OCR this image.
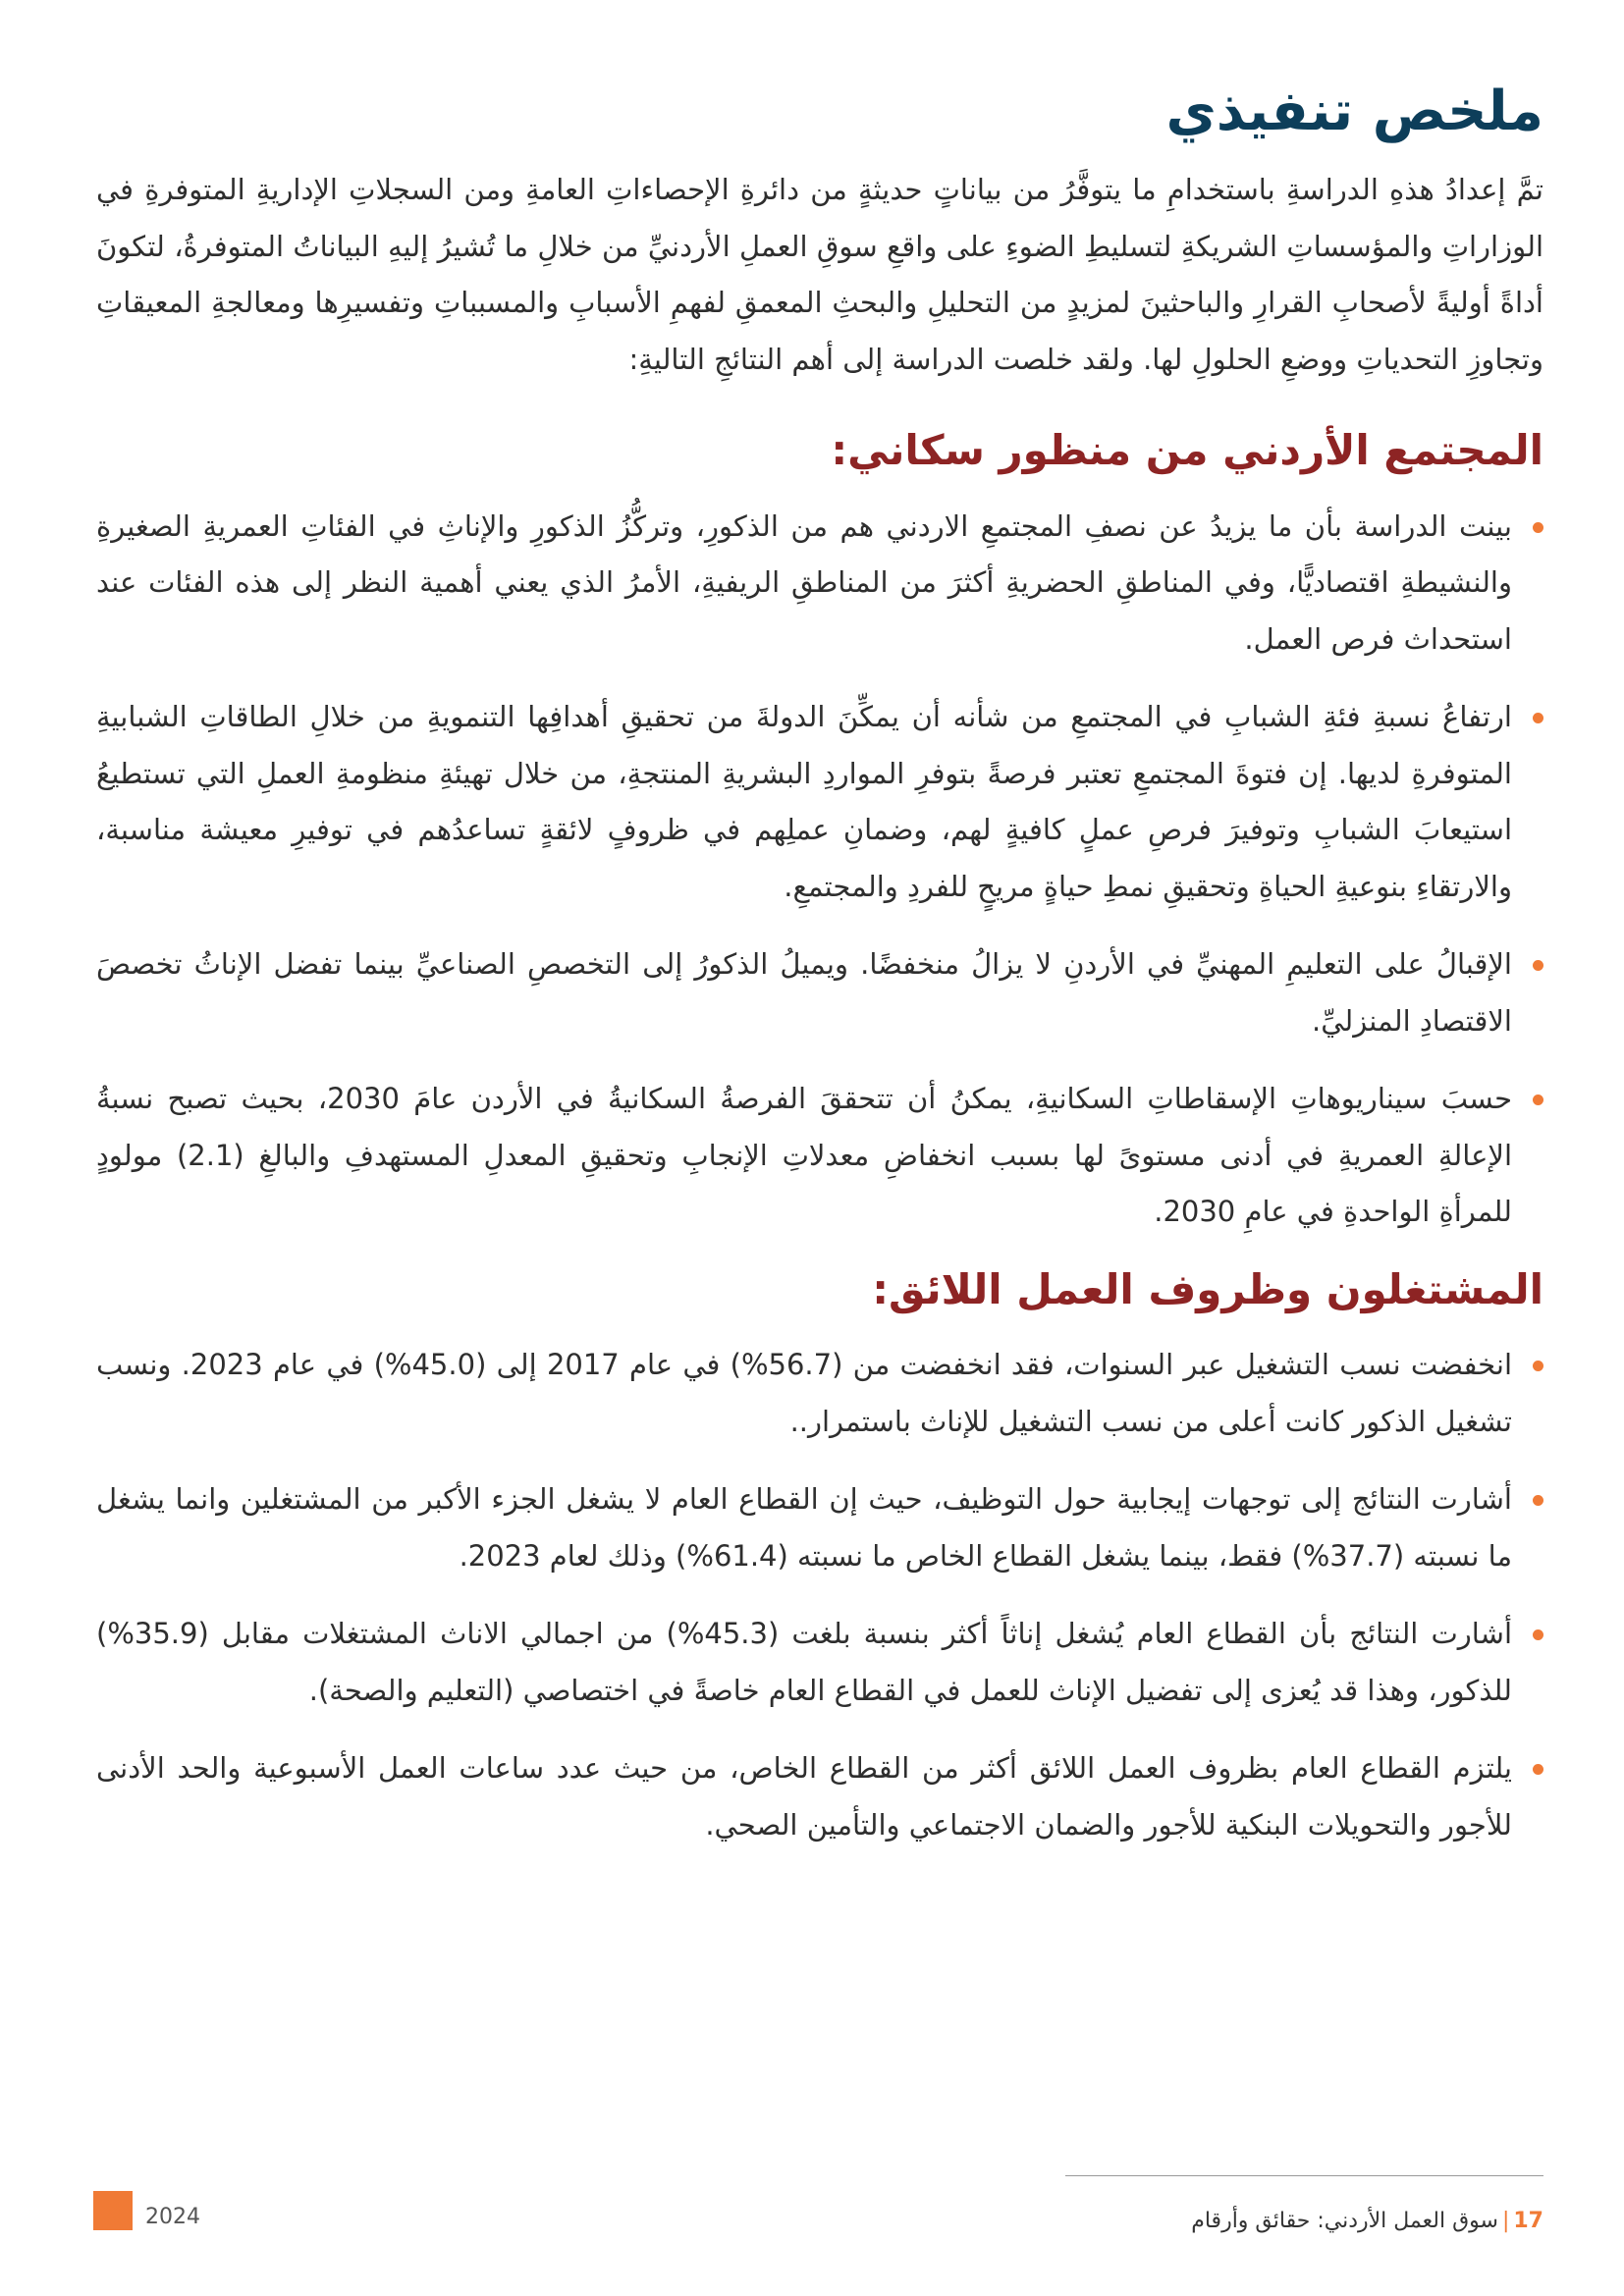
ملخص تنفيذي

تمَّ إعدادُ هذهِ الدراسةِ باستخدامِ ما يتوفَّرُ من بياناتٍ حديثةٍ من دائرةِ الإحصاءاتِ العامةِ ومن السجلاتِ الإداريةِ المتوفرةِ في الوزاراتِ والمؤسساتِ الشريكةِ لتسليطِ الضوءِ على واقعِ سوقِ العملِ الأردنيِّ من خلالِ ما تُشيرُ إليهِ البياناتُ المتوفرةُ، لتكونَ أداةً أوليةً لأصحابِ القرارِ والباحثينَ لمزيدٍ من التحليلِ والبحثِ المعمقِ لفهمِ الأسبابِ والمسبباتِ وتفسيرِها ومعالجةِ المعيقاتِ وتجاوزِ التحدياتِ ووضعِ الحلولِ لها. ولقد خلصت الدراسة إلى أهم النتائجِ التاليةِ:

المجتمع الأردني من منظور سكاني:
بينت الدراسة بأن ما يزيدُ عن نصفِ المجتمعِ الاردني هم من الذكورِ، وتركُّزُ الذكورِ والإناثِ في الفئاتِ العمريةِ الصغيرةِ والنشيطةِ اقتصاديًّا، وفي المناطقِ الحضريةِ أكثرَ من المناطقِ الريفيةِ، الأمرُ الذي يعني أهمية النظر إلى هذه الفئات عند استحداث فرص العمل.
ارتفاعُ نسبةِ فئةِ الشبابِ في المجتمعِ من شأنه أن يمكِّنَ الدولةَ من تحقيقِ أهدافِها التنمويةِ من خلالِ الطاقاتِ الشبابيةِ المتوفرةِ لديها. إن فتوةَ المجتمعِ تعتبر فرصةً بتوفرِ المواردِ البشريةِ المنتجةِ، من خلال تهيئةِ منظومةِ العملِ التي تستطيعُ استيعابَ الشبابِ وتوفيرَ فرصِ عملٍ كافيةٍ لهم، وضمانِ عملِهم في ظروفٍ لائقةٍ تساعدُهم في توفيرِ معيشة مناسبة، والارتقاءِ بنوعيةِ الحياةِ وتحقيقِ نمطِ حياةٍ مريحٍ للفردِ والمجتمعِ.
الإقبالُ على التعليمِ المهنيِّ في الأردنِ لا يزالُ منخفضًا. ويميلُ الذكورُ إلى التخصصِ الصناعيِّ بينما تفضل الإناثُ تخصصَ الاقتصادِ المنزليِّ.
حسبَ سيناريوهاتِ الإسقاطاتِ السكانيةِ، يمكنُ أن تتحققَ الفرصةُ السكانيةُ في الأردن عامَ 2030، بحيث تصبح نسبةُ الإعالةِ العمريةِ في أدنى مستوىً لها بسبب انخفاضِ معدلاتِ الإنجابِ وتحقيقِ المعدلِ المستهدفِ والبالغِ (2.1) مولودٍ للمرأةِ الواحدةِ في عامِ 2030.
المشتغلون وظروف العمل اللائق:
انخفضت نسب التشغيل عبر السنوات، فقد انخفضت من (56.7%) في عام 2017 إلى (45.0%) في عام 2023. ونسب تشغيل الذكور كانت أعلى من نسب التشغيل للإناث باستمرار..
أشارت النتائج إلى توجهات إيجابية حول التوظيف، حيث إن القطاع العام لا يشغل الجزء الأكبر من المشتغلين وانما يشغل ما نسبته (37.7%) فقط، بينما يشغل القطاع الخاص ما نسبته (61.4%) وذلك لعام 2023.
أشارت النتائج بأن القطاع العام يُشغل إناثاً أكثر بنسبة بلغت (45.3%) من اجمالي الاناث المشتغلات مقابل (35.9%) للذكور، وهذا قد يُعزى إلى تفضيل الإناث للعمل في القطاع العام خاصةً في اختصاصي (التعليم والصحة).
يلتزم القطاع العام بظروف العمل اللائق أكثر من القطاع الخاص، من حيث عدد ساعات العمل الأسبوعية والحد الأدنى للأجور والتحويلات البنكية للأجور والضمان الاجتماعي والتأمين الصحي.
17|سوق العمل الأردني: حقائق وأرقام
2024
